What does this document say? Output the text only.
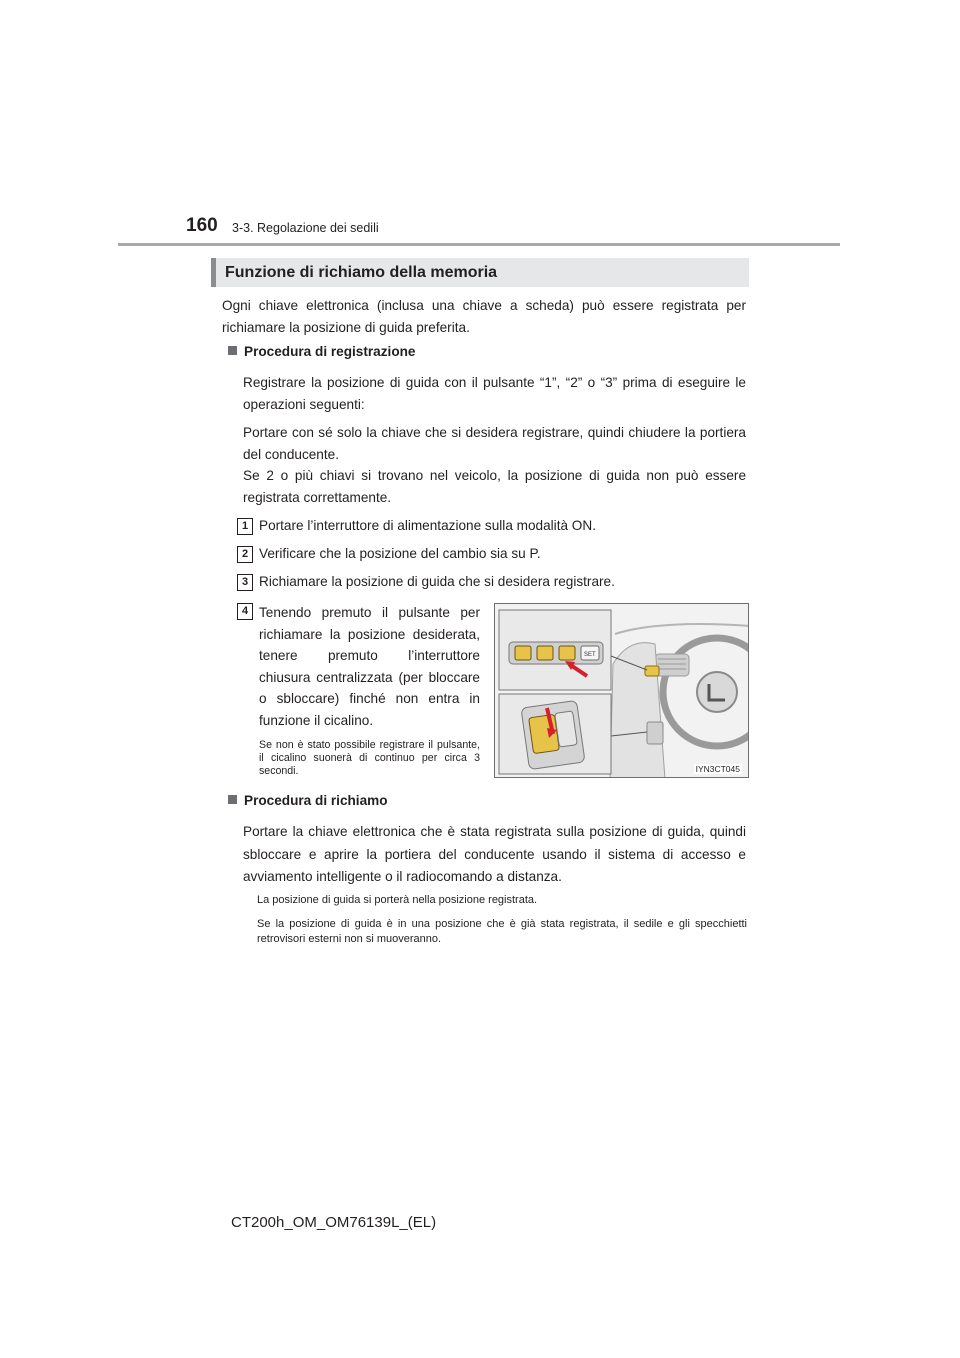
160 3-3. Regolazione dei sedili
Funzione di richiamo della memoria
Ogni chiave elettronica (inclusa una chiave a scheda) può essere registrata per richiamare la posizione di guida preferita.
Procedura di registrazione
Registrare la posizione di guida con il pulsante “1”, “2” o “3” prima di eseguire le operazioni seguenti:
Portare con sé solo la chiave che si desidera registrare, quindi chiudere la portiera del conducente.
Se 2 o più chiavi si trovano nel veicolo, la posizione di guida non può essere registrata correttamente.
1 Portare l’interruttore di alimentazione sulla modalità ON.
2 Verificare che la posizione del cambio sia su P.
3 Richiamare la posizione di guida che si desidera registrare.
4 Tenendo premuto il pulsante per richiamare la posizione desiderata, tenere premuto l’interruttore chiusura centralizzata (per bloccare o sbloccare) finché non entra in funzione il cicalino.
Se non è stato possibile registrare il pulsante, il cicalino suonerà di continuo per circa 3 secondi.
SET
IYN3CT045
Procedura di richiamo
Portare la chiave elettronica che è stata registrata sulla posizione di guida, quindi sbloccare e aprire la portiera del conducente usando il sistema di accesso e avviamento intelligente o il radiocomando a distanza.
La posizione di guida si porterà nella posizione registrata.
Se la posizione di guida è in una posizione che è già stata registrata, il sedile e gli specchietti retrovisori esterni non si muoveranno.
CT200h_OM_OM76139L_(EL)
